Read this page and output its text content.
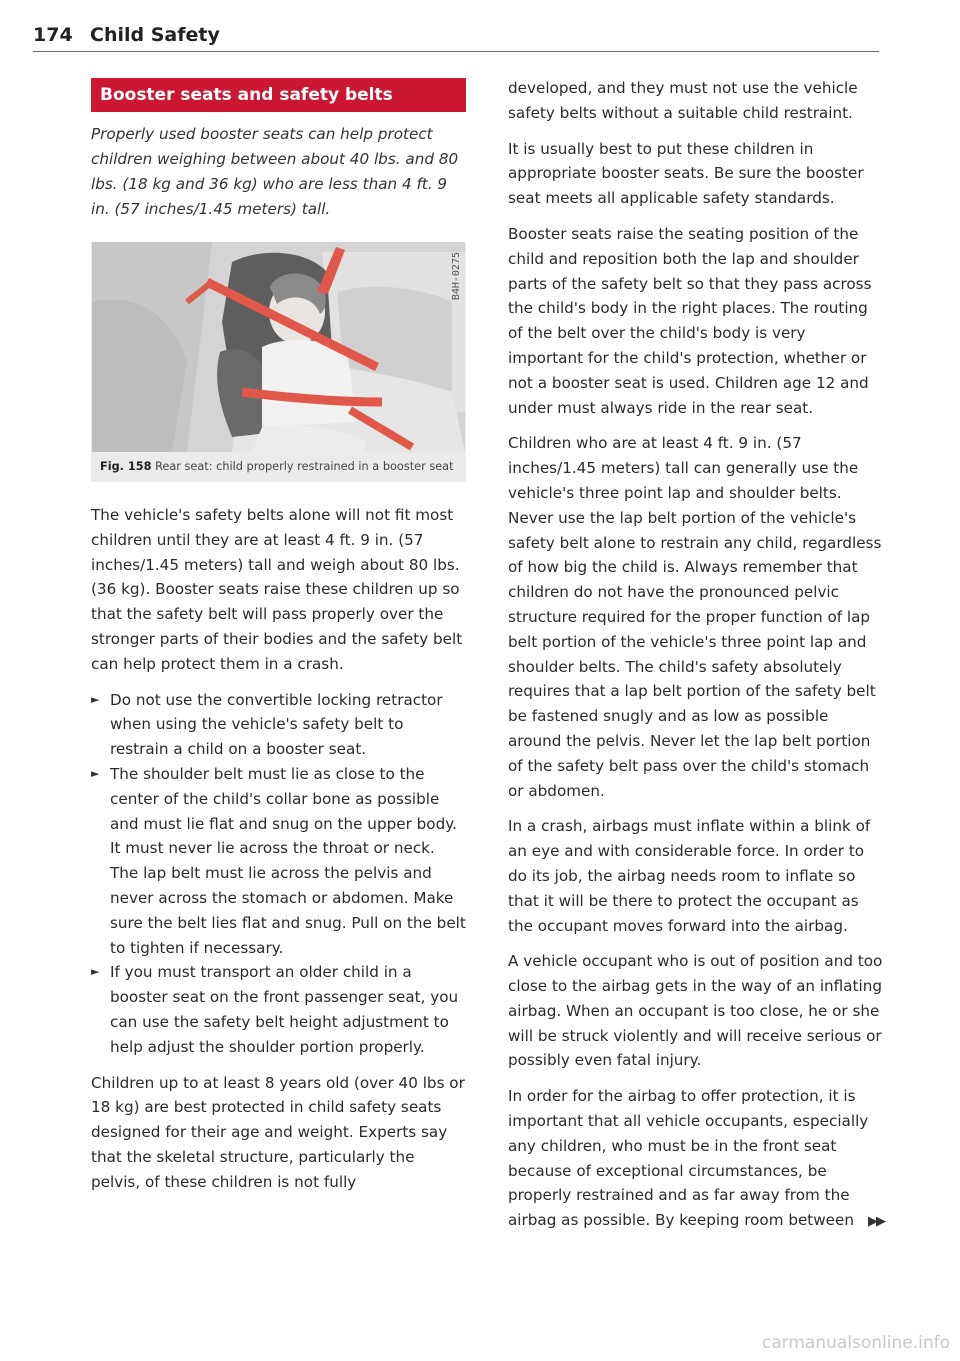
174 Child Safety
Booster seats and safety belts

Properly used booster seats can help protect children weighing between about 40 lbs. and 80 lbs. (18 kg and 36 kg) who are less than 4 ft. 9 in. (57 inches/1.45 meters) tall.

B4H-0275
Fig. 158 Rear seat: child properly restrained in a booster seat

The vehicle's safety belts alone will not fit most children until they are at least 4 ft. 9 in. (57 inches/1.45 meters) tall and weigh about 80 lbs. (36 kg). Booster seats raise these children up so that the safety belt will pass properly over the stronger parts of their bodies and the safety belt can help protect them in a crash.

► Do not use the convertible locking retractor when using the vehicle's safety belt to restrain a child on a booster seat.
► The shoulder belt must lie as close to the center of the child's collar bone as possible and must lie flat and snug on the upper body. It must never lie across the throat or neck. The lap belt must lie across the pelvis and never across the stomach or abdomen. Make sure the belt lies flat and snug. Pull on the belt to tighten if necessary.
► If you must transport an older child in a booster seat on the front passenger seat, you can use the safety belt height adjustment to help adjust the shoulder portion properly.

Children up to at least 8 years old (over 40 lbs or 18 kg) are best protected in child safety seats designed for their age and weight. Experts say that the skeletal structure, particularly the pelvis, of these children is not fully

developed, and they must not use the vehicle safety belts without a suitable child restraint.

It is usually best to put these children in appropriate booster seats. Be sure the booster seat meets all applicable safety standards.

Booster seats raise the seating position of the child and reposition both the lap and shoulder parts of the safety belt so that they pass across the child's body in the right places. The routing of the belt over the child's body is very important for the child's protection, whether or not a booster seat is used. Children age 12 and under must always ride in the rear seat.

Children who are at least 4 ft. 9 in. (57 inches/1.45 meters) tall can generally use the vehicle's three point lap and shoulder belts. Never use the lap belt portion of the vehicle's safety belt alone to restrain any child, regardless of how big the child is. Always remember that children do not have the pronounced pelvic structure required for the proper function of lap belt portion of the vehicle's three point lap and shoulder belts. The child's safety absolutely requires that a lap belt portion of the safety belt be fastened snugly and as low as possible around the pelvis. Never let the lap belt portion of the safety belt pass over the child's stomach or abdomen.

In a crash, airbags must inflate within a blink of an eye and with considerable force. In order to do its job, the airbag needs room to inflate so that it will be there to protect the occupant as the occupant moves forward into the airbag.

A vehicle occupant who is out of position and too close to the airbag gets in the way of an inflating airbag. When an occupant is too close, he or she will be struck violently and will receive serious or possibly even fatal injury.

In order for the airbag to offer protection, it is important that all vehicle occupants, especially any children, who must be in the front seat because of exceptional circumstances, be properly restrained and as far away from the airbag as possible. By keeping room between ▶▶

carmanualsonline.info
